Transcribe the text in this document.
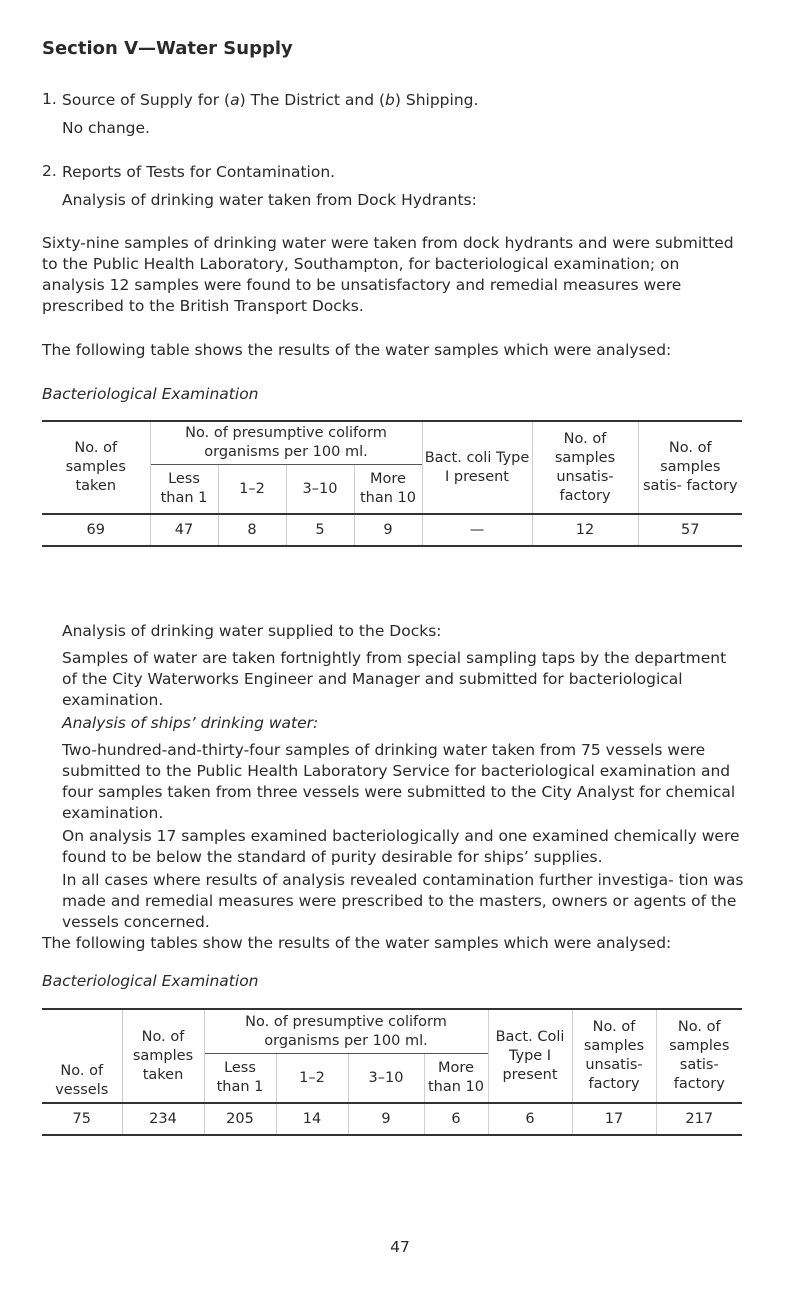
Section V—Water Supply
1. Source of Supply for (a) The District and (b) Shipping.
No change.
2. Reports of Tests for Contamination.
Analysis of drinking water taken from Dock Hydrants:
Sixty-nine samples of drinking water were taken from dock hydrants and were submitted to the Public Health Laboratory, Southampton, for bacteriological examination; on analysis 12 samples were found to be unsatisfactory and remedial measures were prescribed to the British Transport Docks.
The following table shows the results of the water samples which were analysed:
Bacteriological Examination
No. of samples taken	No. of presumptive coliform organisms per 100 ml.				Bact. coli Type I present	No. of samples unsatis- factory	No. of samples satis- factory
	Less than 1	1–2	3–10	More than 10			
69	47	8	5	9	—	12	57
Analysis of drinking water supplied to the Docks:
Samples of water are taken fortnightly from special sampling taps by the department of the City Waterworks Engineer and Manager and submitted for bacteriological examination.
Analysis of ships’ drinking water:
Two-hundred-and-thirty-four samples of drinking water taken from 75 vessels were submitted to the Public Health Laboratory Service for bacteriological examination and four samples taken from three vessels were submitted to the City Analyst for chemical examination.
On analysis 17 samples examined bacteriologically and one examined chemically were found to be below the standard of purity desirable for ships’ supplies.
In all cases where results of analysis revealed contamination further investiga- tion was made and remedial measures were prescribed to the masters, owners or agents of the vessels concerned.
The following tables show the results of the water samples which were analysed:
Bacteriological Examination
No. of vessels	No. of samples taken	No. of presumptive coliform organisms per 100 ml.				Bact. Coli Type I present	No. of samples unsatis- factory	No. of samples satis- factory
		Less than 1	1–2	3–10	More than 10			
75	234	205	14	9	6	6	17	217
47
